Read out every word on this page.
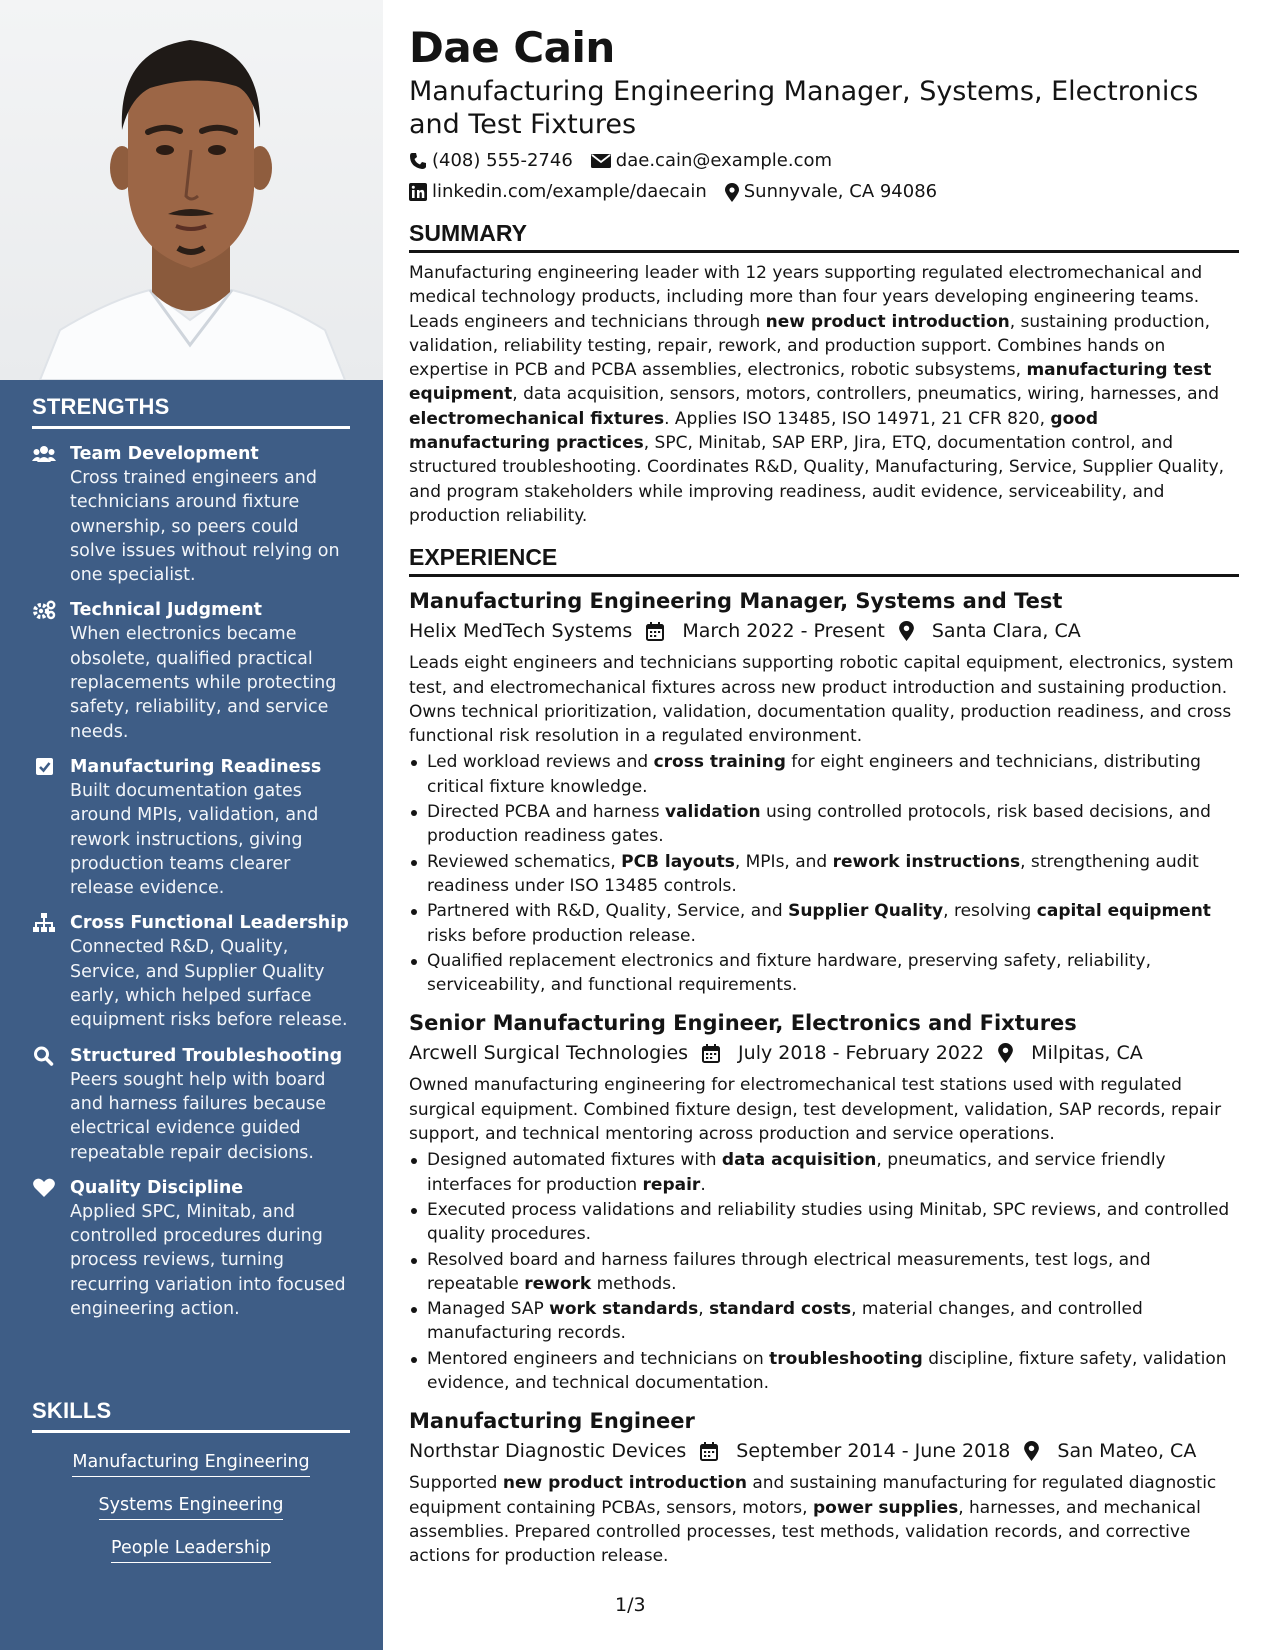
STRENGTHS
Team Development
Cross trained engineers and technicians around fixture ownership, so peers could solve issues without relying on one specialist.
Technical Judgment
When electronics became obsolete, qualified practical replacements while protecting safety, reliability, and service needs.
Manufacturing Readiness
Built documentation gates around MPIs, validation, and rework instructions, giving production teams clearer release evidence.
Cross Functional Leadership
Connected R&D, Quality, Service, and Supplier Quality early, which helped surface equipment risks before release.
Structured Troubleshooting
Peers sought help with board and harness failures because electrical evidence guided repeatable repair decisions.
Quality Discipline
Applied SPC, Minitab, and controlled procedures during process reviews, turning recurring variation into focused engineering action.
SKILLS
Manufacturing Engineering
Systems Engineering
People Leadership
Dae Cain
Manufacturing Engineering Manager, Systems, Electronics and Test Fixtures
(408) 555-2746 dae.cain@example.com
linkedin.com/example/daecain Sunnyvale, CA 94086
SUMMARY
Manufacturing engineering leader with 12 years supporting regulated electromechanical and medical technology products, including more than four years developing engineering teams. Leads engineers and technicians through new product introduction, sustaining production, validation, reliability testing, repair, rework, and production support. Combines hands on expertise in PCB and PCBA assemblies, electronics, robotic subsystems, manufacturing test equipment, data acquisition, sensors, motors, controllers, pneumatics, wiring, harnesses, and electromechanical fixtures. Applies ISO 13485, ISO 14971, 21 CFR 820, good manufacturing practices, SPC, Minitab, SAP ERP, Jira, ETQ, documentation control, and structured troubleshooting. Coordinates R&D, Quality, Manufacturing, Service, Supplier Quality, and program stakeholders while improving readiness, audit evidence, serviceability, and production reliability.
EXPERIENCE
Manufacturing Engineering Manager, Systems and Test
Helix MedTech Systems	March 2022 - Present	Santa Clara, CA
Leads eight engineers and technicians supporting robotic capital equipment, electronics, system test, and electromechanical fixtures across new product introduction and sustaining production. Owns technical prioritization, validation, documentation quality, production readiness, and cross functional risk resolution in a regulated environment.
Led workload reviews and cross training for eight engineers and technicians, distributing critical fixture knowledge.
Directed PCBA and harness validation using controlled protocols, risk based decisions, and production readiness gates.
Reviewed schematics, PCB layouts, MPIs, and rework instructions, strengthening audit readiness under ISO 13485 controls.
Partnered with R&D, Quality, Service, and Supplier Quality, resolving capital equipment risks before production release.
Qualified replacement electronics and fixture hardware, preserving safety, reliability, serviceability, and functional requirements.
Senior Manufacturing Engineer, Electronics and Fixtures
Arcwell Surgical Technologies	July 2018 - February 2022	Milpitas, CA
Owned manufacturing engineering for electromechanical test stations used with regulated surgical equipment. Combined fixture design, test development, validation, SAP records, repair support, and technical mentoring across production and service operations.
Designed automated fixtures with data acquisition, pneumatics, and service friendly interfaces for production repair.
Executed process validations and reliability studies using Minitab, SPC reviews, and controlled quality procedures.
Resolved board and harness failures through electrical measurements, test logs, and repeatable rework methods.
Managed SAP work standards, standard costs, material changes, and controlled manufacturing records.
Mentored engineers and technicians on troubleshooting discipline, fixture safety, validation evidence, and technical documentation.
Manufacturing Engineer
Northstar Diagnostic Devices	September 2014 - June 2018	San Mateo, CA
Supported new product introduction and sustaining manufacturing for regulated diagnostic equipment containing PCBAs, sensors, motors, power supplies, harnesses, and mechanical assemblies. Prepared controlled processes, test methods, validation records, and corrective actions for production release.
1/3
